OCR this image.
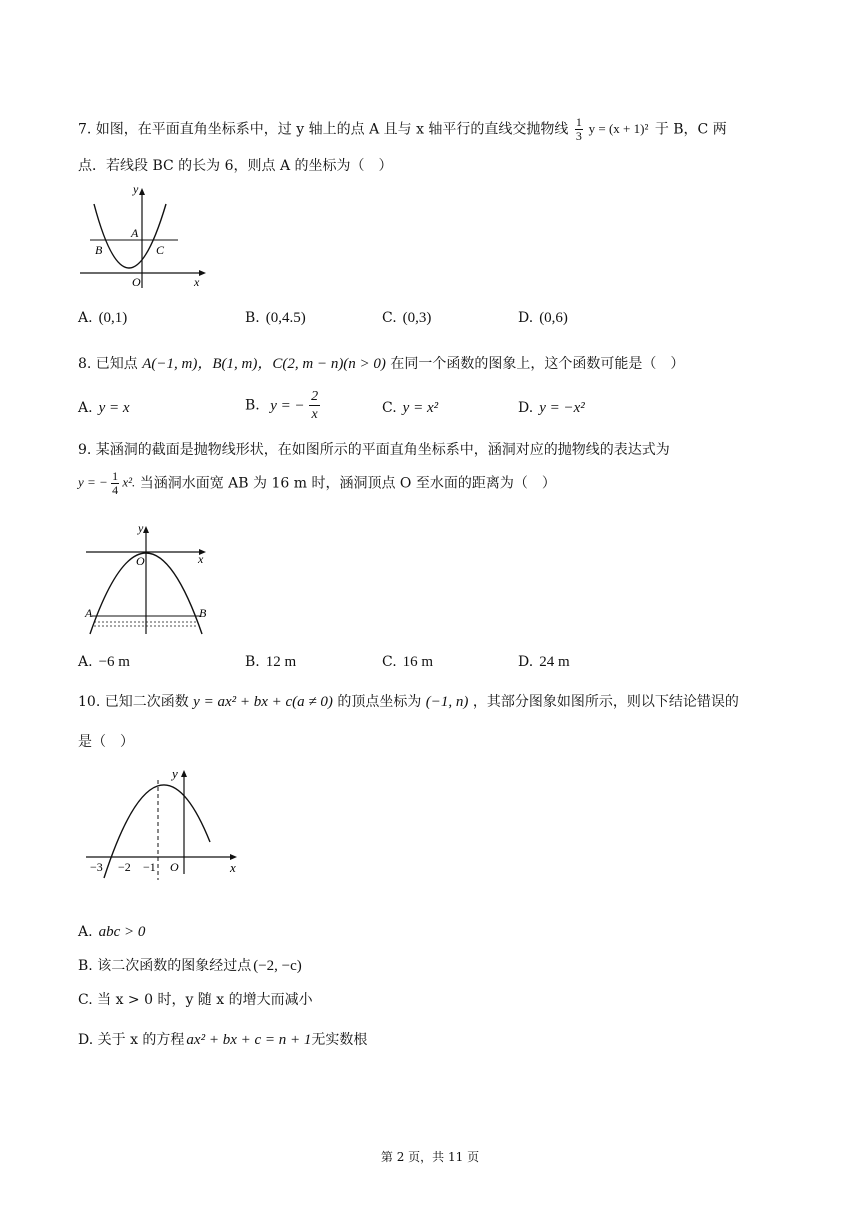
7. 如图，在平面直角坐标系中，过 y 轴上的点 A 且与 x 轴平行的直线交抛物线 $\frac{1}{3}$ y = (x + 1)² 于 B，C 两
点．若线段 BC 的长为 6，则点 A 的坐标为（　）
y
x
A
B	C
O
A. (0,1)	B. (0,4.5)	C. (0,3)	D. (0,6)
8. 已知点 A(−1, m)，B(1, m)，C(2, m − n)(n > 0) 在同一个函数的图象上，这个函数可能是（　）
A. y = x	B. y = − $\frac{2}{x}$	C. y = x²	D. y = −x²
9. 某涵洞的截面是抛物线形状，在如图所示的平面直角坐标系中，涵洞对应的抛物线的表达式为
y = − $\frac{1}{4} x^2$. 当涵洞水面宽 AB 为 16 m 时，涵洞顶点 O 至水面的距离为（　）
y
x
O
A	B
A. −6 m	B. 12 m	C. 16 m	D. 24 m
10. 已知二次函数 y = ax² + bx + c(a ≠ 0) 的顶点坐标为 (−1, n) ，其部分图象如图所示，则以下结论错误的
是（　）
y
x
−3 −2 −1 O
A. abc > 0
B. 该二次函数的图象经过点 (−2, −c)
C. 当 x > 0 时，y 随 x 的增大而减小
D. 关于 x 的方程 ax² + bx + c = n + 1无实数根
第 2 页，共 11 页
